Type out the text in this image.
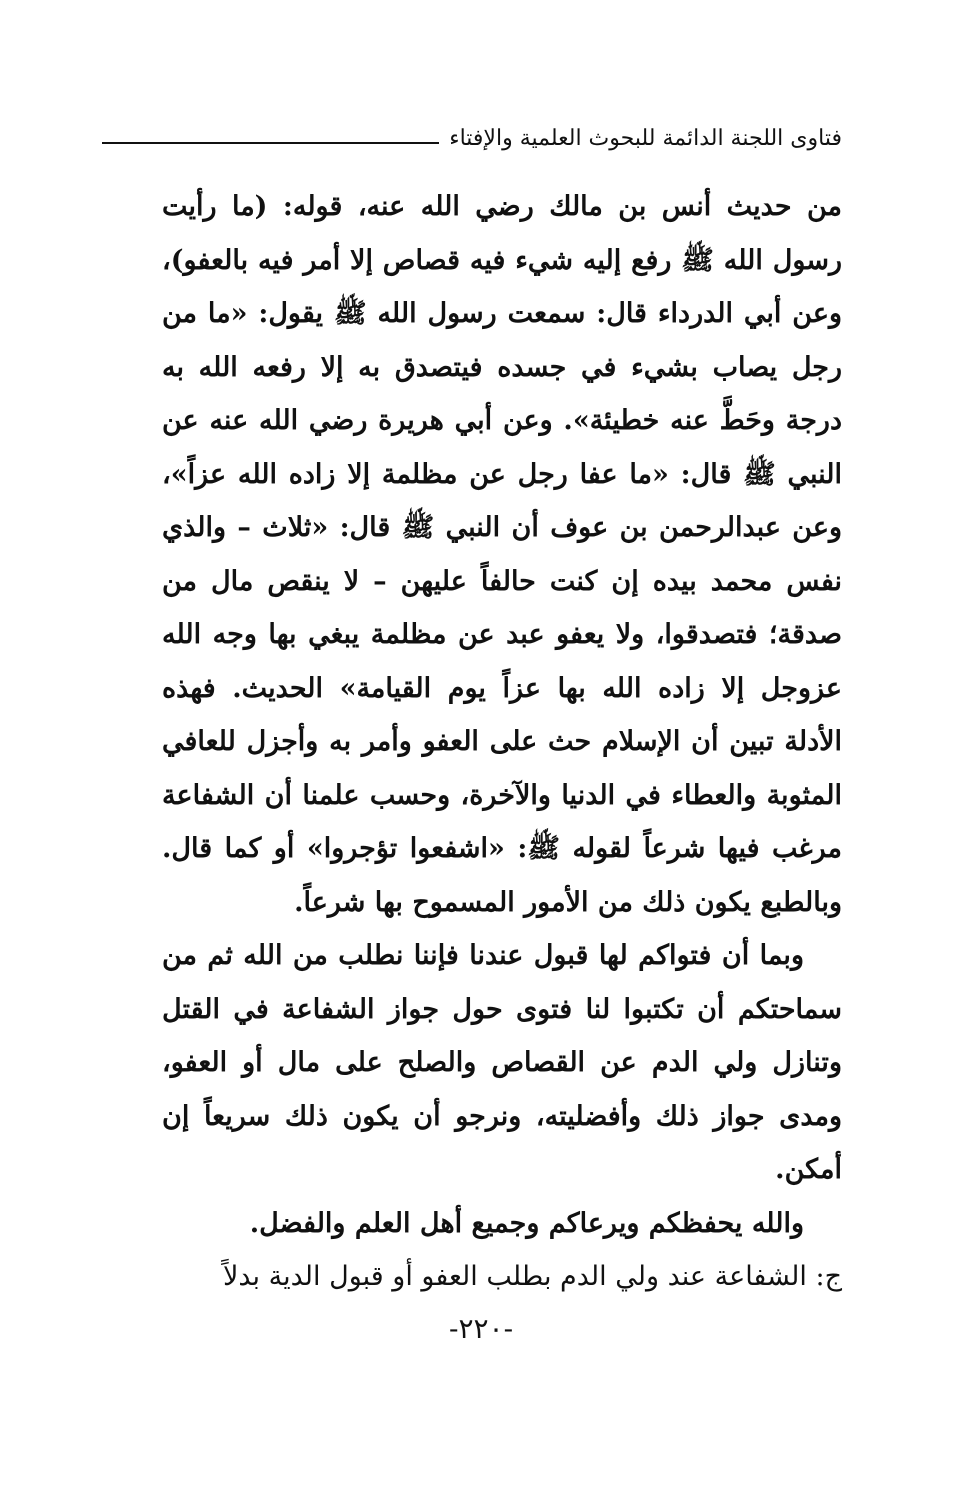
فتاوى اللجنة الدائمة للبحوث العلمية والإفتاء

من حديث أنس بن مالك رضي الله عنه، قوله: (ما رأيت رسول الله ﷺ رفع إليه شيء فيه قصاص إلا أمر فيه بالعفو)، وعن أبي الدرداء قال: سمعت رسول الله ﷺ يقول: «ما من رجل يصاب بشيء في جسده فيتصدق به إلا رفعه الله به درجة وحَطَّ عنه خطيئة». وعن أبي هريرة رضي الله عنه عن النبي ﷺ قال: «ما عفا رجل عن مظلمة إلا زاده الله عزاً»، وعن عبدالرحمن بن عوف أن النبي ﷺ قال: «ثلاث – والذي نفس محمد بيده إن كنت حالفاً عليهن – لا ينقص مال من صدقة؛ فتصدقوا، ولا يعفو عبد عن مظلمة يبغي بها وجه الله عزوجل إلا زاده الله بها عزاً يوم القيامة» الحديث. فهذه الأدلة تبين أن الإسلام حث على العفو وأمر به وأجزل للعافي المثوبة والعطاء في الدنيا والآخرة، وحسب علمنا أن الشفاعة مرغب فيها شرعاً لقوله ﷺ: «اشفعوا تؤجروا» أو كما قال. وبالطبع يكون ذلك من الأمور المسموح بها شرعاً.

وبما أن فتواكم لها قبول عندنا فإننا نطلب من الله ثم من سماحتكم أن تكتبوا لنا فتوى حول جواز الشفاعة في القتل وتنازل ولي الدم عن القصاص والصلح على مال أو العفو، ومدى جواز ذلك وأفضليته، ونرجو أن يكون ذلك سريعاً إن أمكن.

والله يحفظكم ويرعاكم وجميع أهل العلم والفضل.

ج: الشفاعة عند ولي الدم بطلب العفو أو قبول الدية بدلاً

-٢٢٠-
